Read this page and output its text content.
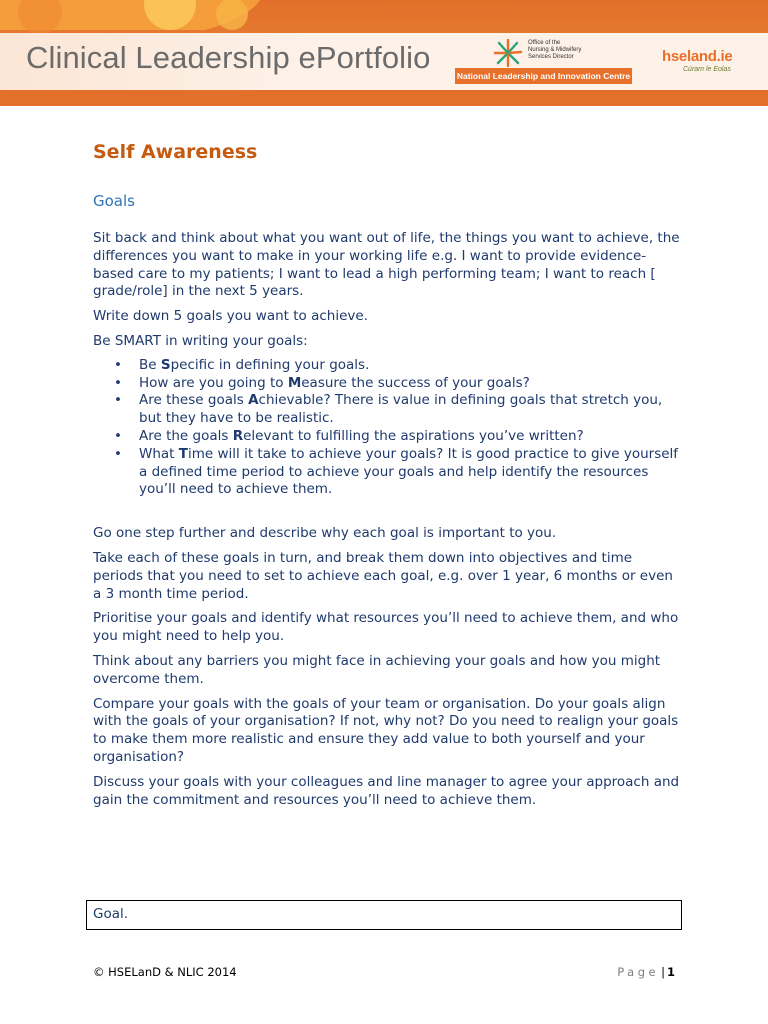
Clinical Leadership ePortfolio	Office of the
Nursing & Midwifery
Services Director
National Leadership and Innovation Centre
hseland.ie
Cúram le Eolas
Self Awareness
Goals

Sit back and think about what you want out of life, the things you want to achieve, the differences you want to make in your working life e.g. I want to provide evidence-based care to my patients; I want to lead a high performing team; I want to reach [ grade/role] in the next 5 years.

Write down 5 goals you want to achieve.

Be SMART in writing your goals:

• Be Specific in defining your goals.
• How are you going to Measure the success of your goals?
• Are these goals Achievable? There is value in defining goals that stretch you, but they have to be realistic.
• Are the goals Relevant to fulfilling the aspirations you’ve written?
• What Time will it take to achieve your goals? It is good practice to give yourself a defined time period to achieve your goals and help identify the resources you’ll need to achieve them.

Go one step further and describe why each goal is important to you.

Take each of these goals in turn, and break them down into objectives and time periods that you need to set to achieve each goal, e.g. over 1 year, 6 months or even a 3 month time period.

Prioritise your goals and identify what resources you’ll need to achieve them, and who you might need to help you.

Think about any barriers you might face in achieving your goals and how you might overcome them.

Compare your goals with the goals of your team or organisation. Do your goals align with the goals of your organisation? If not, why not? Do you need to realign your goals to make them more realistic and ensure they add value to both yourself and your organisation?

Discuss your goals with your colleagues and line manager to agree your approach and gain the commitment and resources you’ll need to achieve them.

Goal.
© HSELanD & NLIC 2014	Page | 1
